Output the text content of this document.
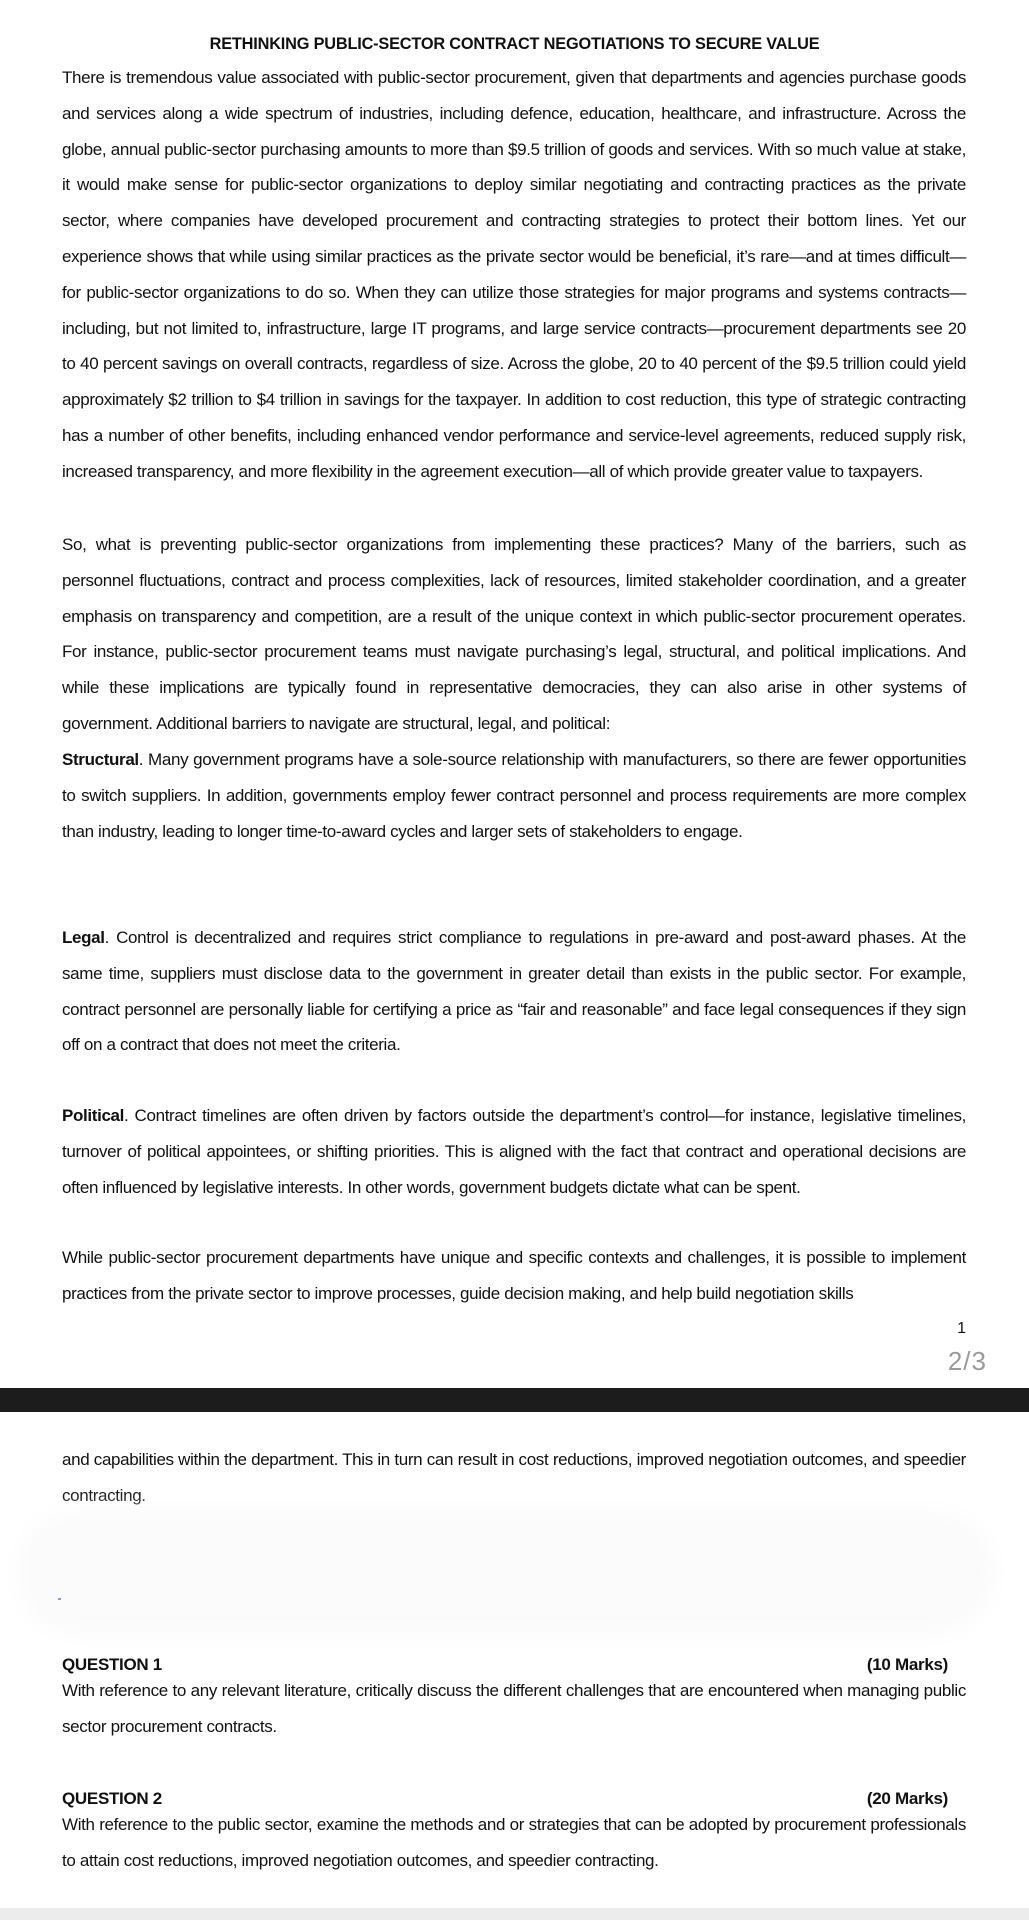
RETHINKING PUBLIC-SECTOR CONTRACT NEGOTIATIONS TO SECURE VALUE

There is tremendous value associated with public-sector procurement, given that departments and agencies purchase goods and services along a wide spectrum of industries, including defence, education, healthcare, and infrastructure. Across the globe, annual public-sector purchasing amounts to more than $9.5 trillion of goods and services. With so much value at stake, it would make sense for public-sector organizations to deploy similar negotiating and contracting practices as the private sector, where companies have developed procurement and contracting strategies to protect their bottom lines. Yet our experience shows that while using similar practices as the private sector would be beneficial, it’s rare—and at times difficult—for public-sector organizations to do so. When they can utilize those strategies for major programs and systems contracts—including, but not limited to, infrastructure, large IT programs, and large service contracts—procurement departments see 20 to 40 percent savings on overall contracts, regardless of size. Across the globe, 20 to 40 percent of the $9.5 trillion could yield approximately $2 trillion to $4 trillion in savings for the taxpayer. In addition to cost reduction, this type of strategic contracting has a number of other benefits, including enhanced vendor performance and service-level agreements, reduced supply risk, increased transparency, and more flexibility in the agreement execution—all of which provide greater value to taxpayers.

So, what is preventing public-sector organizations from implementing these practices? Many of the barriers, such as personnel fluctuations, contract and process complexities, lack of resources, limited stakeholder coordination, and a greater emphasis on transparency and competition, are a result of the unique context in which public-sector procurement operates. For instance, public-sector procurement teams must navigate purchasing’s legal, structural, and political implications. And while these implications are typically found in representative democracies, they can also arise in other systems of government. Additional barriers to navigate are structural, legal, and political:

Structural. Many government programs have a sole-source relationship with manufacturers, so there are fewer opportunities to switch suppliers. In addition, governments employ fewer contract personnel and process requirements are more complex than industry, leading to longer time-to-award cycles and larger sets of stakeholders to engage.

Legal. Control is decentralized and requires strict compliance to regulations in pre-award and post-award phases. At the same time, suppliers must disclose data to the government in greater detail than exists in the public sector. For example, contract personnel are personally liable for certifying a price as “fair and reasonable” and face legal consequences if they sign off on a contract that does not meet the criteria.

Political. Contract timelines are often driven by factors outside the department’s control—for instance, legislative timelines, turnover of political appointees, or shifting priorities. This is aligned with the fact that contract and operational decisions are often influenced by legislative interests. In other words, government budgets dictate what can be spent.

While public-sector procurement departments have unique and specific contexts and challenges, it is possible to implement practices from the private sector to improve processes, guide decision making, and help build negotiation skills

1
2/3

and capabilities within the department. This in turn can result in cost reductions, improved negotiation outcomes, and speedier contracting.

QUESTION 1	(10 Marks)

With reference to any relevant literature, critically discuss the different challenges that are encountered when managing public sector procurement contracts.

QUESTION 2	(20 Marks)

With reference to the public sector, examine the methods and or strategies that can be adopted by procurement professionals to attain cost reductions, improved negotiation outcomes, and speedier contracting.
